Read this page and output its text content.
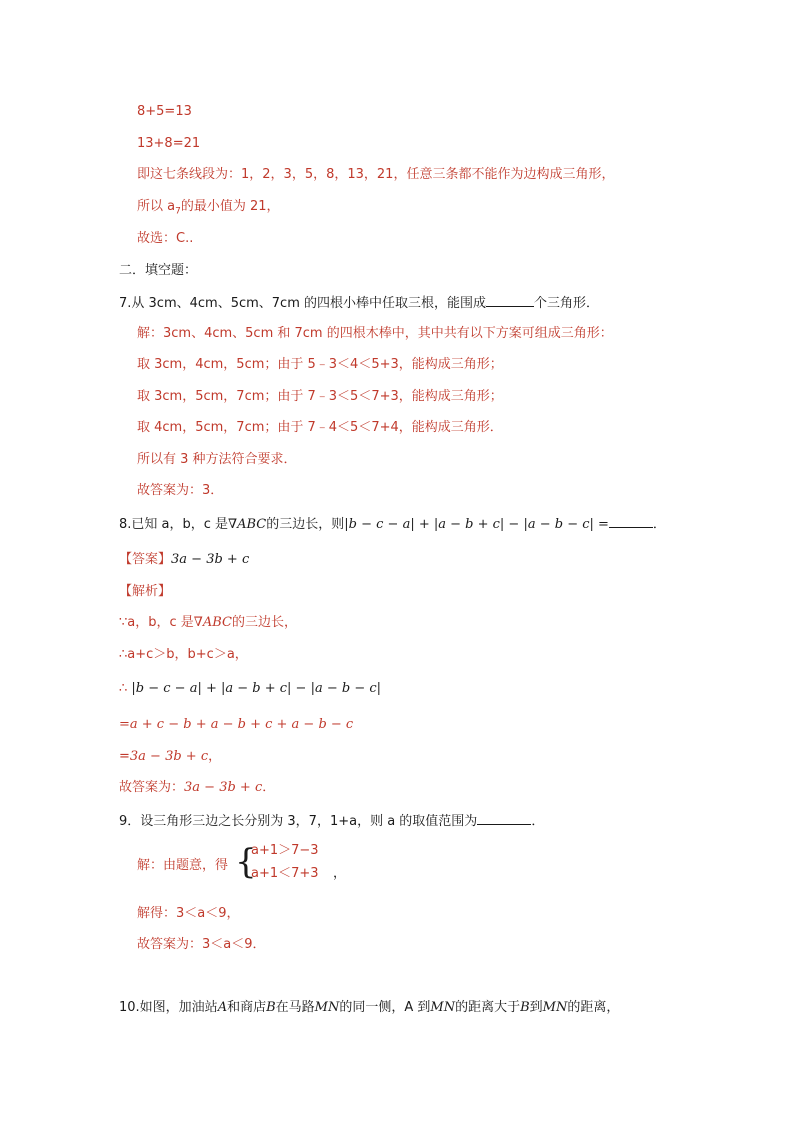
8+5=13
13+8=21
即这七条线段为：1，2，3，5，8，13，21，任意三条都不能作为边构成三角形，
所以 $a_7$的最小值为 21，
故选：C..
二．填空题：
7.从 3cm、4cm、5cm、7cm 的四根小棒中任取三根，能围成	个三角形．
解：3cm、4cm、5cm 和 7cm 的四根木棒中，其中共有以下方案可组成三角形：
取 3cm，4cm，5cm；由于 5﹣3＜4＜5+3，能构成三角形；
取 3cm，5cm，7cm；由于 7﹣3＜5＜7+3，能构成三角形；
取 4cm，5cm，7cm；由于 7﹣4＜5＜7+4，能构成三角形．
所以有 3 种方法符合要求．
故答案为：3．
8.已知 a，b，c 是∇ABC的三边长，则|b − c − a| + |a − b + c| − |a − b − c| =	．
【答案】3a − 3b + c
【解析】
∵a，b，c 是∇ABC的三边长，
∴a+c＞b，b+c＞a，
∴ |b − c − a| + |a − b + c| − |a − b − c|
=a + c − b + a − b + c + a − b − c
=3a − 3b + c，
故答案为：3a − 3b + c．
9．设三角形三边之长分别为 3，7，1+a，则 a 的取值范围为	．
解：由题意，得 {
a+1＞7−3
a+1＜7+3 ，
解得：3＜a＜9，
故答案为：3＜a＜9．
10.如图，加油站A和商店B在马路MN的同一侧，A 到MN的距离大于B到MN的距离，
